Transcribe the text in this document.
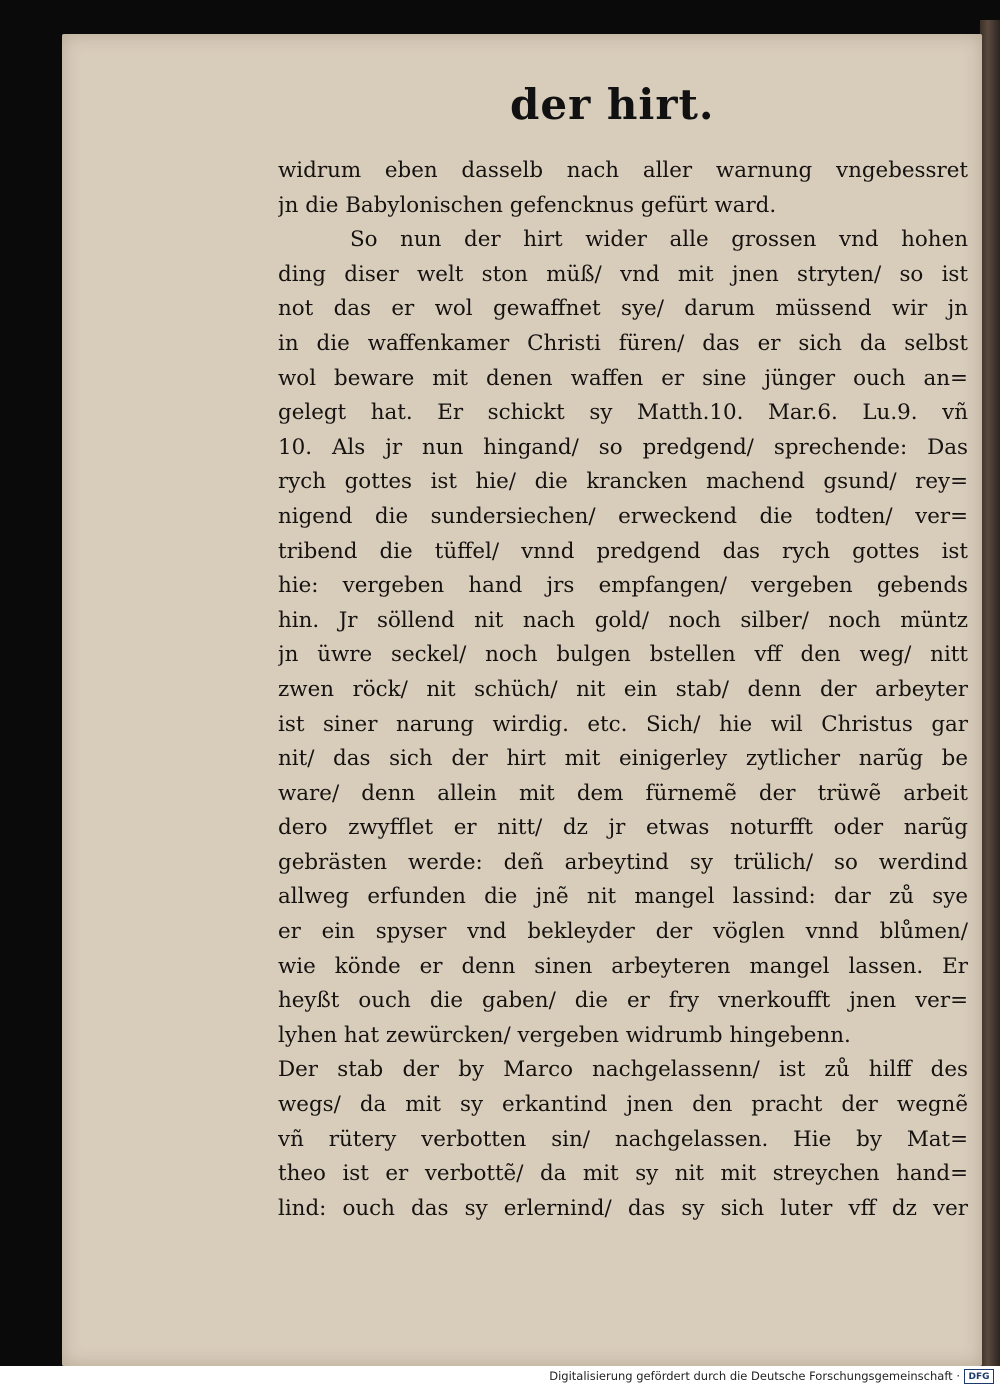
der hirt.
widrum eben dasselb nach aller warnung vngebessret
jn die Babylonischen gefencknus gefürt ward.
So nun der hirt wider alle grossen vnd hohen
ding diser welt ston müß/ vnd mit jnen stryten/ so ist
not das er wol gewaffnet sye/ darum müssend wir jn
in die waffenkamer Christi füren/ das er sich da selbst
wol beware mit denen waffen er sine jünger ouch an=
gelegt hat. Er schickt sy Matth.10. Mar.6. Lu.9. vñ
10. Als jr nun hingand/ so predgend/ sprechende: Das
rych gottes ist hie/ die krancken machend gsund/ rey=
nigend die sundersiechen/ erweckend die todten/ ver=
tribend die tüffel/ vnnd predgend das rych gottes ist
hie: vergeben hand jrs empfangen/ vergeben gebends
hin. Jr söllend nit nach gold/ noch silber/ noch müntz
jn üwre seckel/ noch bulgen bstellen vff den weg/ nitt
zwen röck/ nit schüch/ nit ein stab/ denn der arbeyter
ist siner narung wirdig. etc. Sich/ hie wil Christus gar
nit/ das sich der hirt mit einigerley zytlicher narũg be
ware/ denn allein mit dem fürnemẽ der trüwẽ arbeit
dero zwyfflet er nitt/ dz jr etwas noturfft oder narũg
gebrästen werde: deñ arbeytind sy trülich/ so werdind
allweg erfunden die jnẽ nit mangel lassind: dar zů sye
er ein spyser vnd bekleyder der vöglen vnnd blůmen/
wie könde er denn sinen arbeyteren mangel lassen. Er
heyßt ouch die gaben/ die er fry vnerkoufft jnen ver=
lyhen hat zewürcken/ vergeben widrumb hingebenn.
Der stab der by Marco nachgelassenn/ ist zů hilff des
wegs/ da mit sy erkantind jnen den pracht der wegnẽ
vñ rütery verbotten sin/ nachgelassen. Hie by Mat=
theo ist er verbottẽ/ da mit sy nit mit streychen hand=
lind: ouch das sy erlernind/ das sy sich luter vff dz ver
Digitalisierung gefördert durch die Deutsche Forschungsgemeinschaft · DFG
